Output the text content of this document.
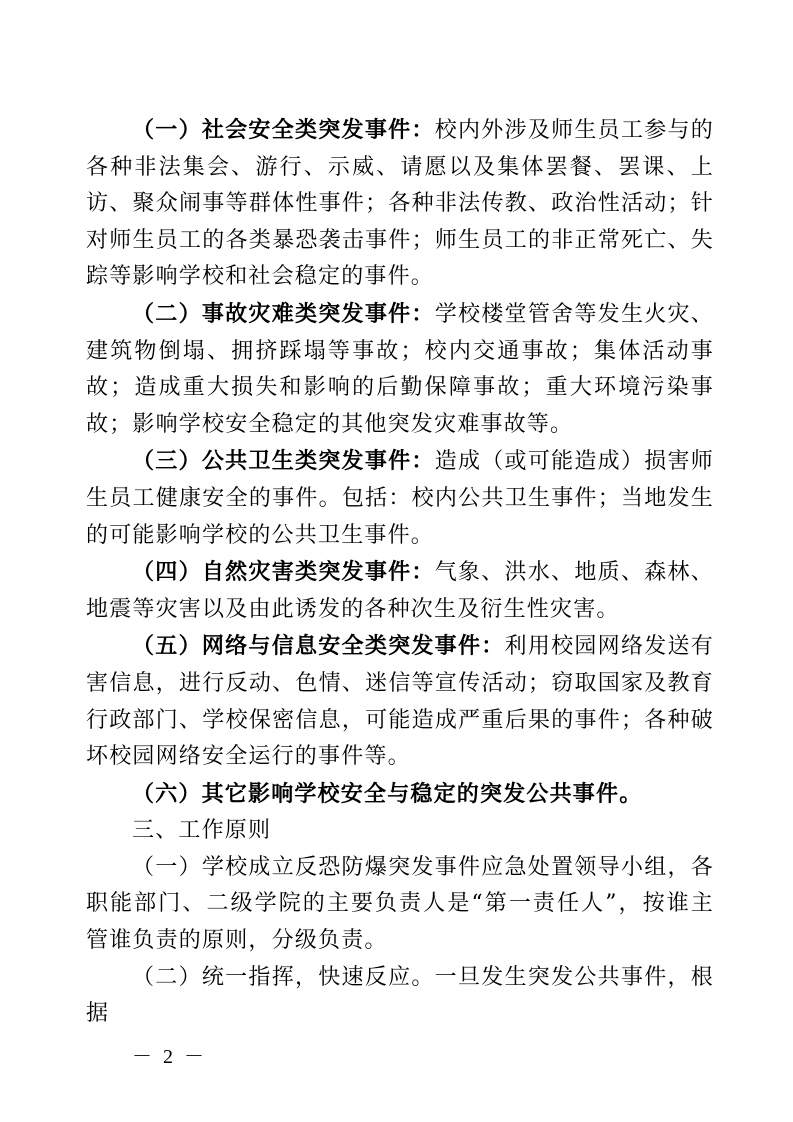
（一）社会安全类突发事件：校内外涉及师生员工参与的各种非法集会、游行、示威、请愿以及集体罢餐、罢课、上访、聚众闹事等群体性事件；各种非法传教、政治性活动；针对师生员工的各类暴恐袭击事件；师生员工的非正常死亡、失踪等影响学校和社会稳定的事件。

（二）事故灾难类突发事件：学校楼堂管舍等发生火灾、建筑物倒塌、拥挤踩塌等事故；校内交通事故；集体活动事故；造成重大损失和影响的后勤保障事故；重大环境污染事故；影响学校安全稳定的其他突发灾难事故等。

（三）公共卫生类突发事件：造成（或可能造成）损害师生员工健康安全的事件。包括：校内公共卫生事件；当地发生的可能影响学校的公共卫生事件。

（四）自然灾害类突发事件：气象、洪水、地质、森林、地震等灾害以及由此诱发的各种次生及衍生性灾害。

（五）网络与信息安全类突发事件：利用校园网络发送有害信息，进行反动、色情、迷信等宣传活动；窃取国家及教育行政部门、学校保密信息，可能造成严重后果的事件；各种破坏校园网络安全运行的事件等。

（六）其它影响学校安全与稳定的突发公共事件。

三、工作原则

（一）学校成立反恐防爆突发事件应急处置领导小组，各职能部门、二级学院的主要负责人是“第一责任人”，按谁主管谁负责的原则，分级负责。

（二）统一指挥，快速反应。一旦发生突发公共事件，根据

－ 2 －
